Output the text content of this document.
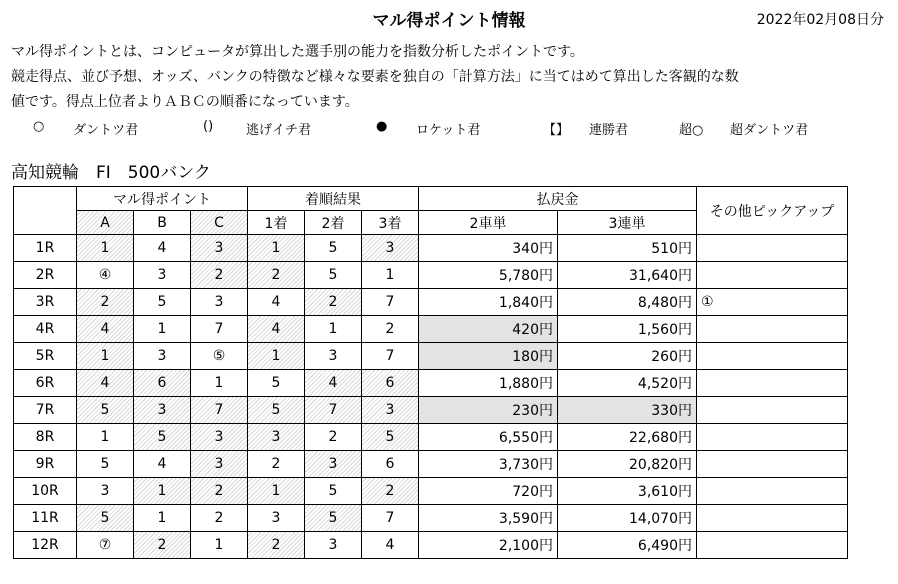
マル得ポイント情報	2022年02月08日分
マル得ポイントとは、コンピュータが算出した選手別の能力を指数分析したポイントです。
競走得点、並び予想、オッズ、バンクの特徴など様々な要素を独自の「計算方法」に当てはめて算出した客観的な数
値です。得点上位者よりＡＢＣの順番になっています。
○ ダントツ君	()	逃げイチ君	● ロケット君	【】 連勝君	超○ 超ダントツ君
高知競輪　FI　500バンク
	マル得ポイント			着順結果			払戻金		その他ピックアップ
	A	B	C	1着	2着	3着	2車単	3連単	
1R	1	4	3	1	5	3	340円	510円	
2R	④	3	2	2	5	1	5,780円	31,640円	
3R	2	5	3	4	2	7	1,840円	8,480円	①
4R	4	1	7	4	1	2	420円	1,560円	
5R	1	3	⑤	1	3	7	180円	260円	
6R	4	6	1	5	4	6	1,880円	4,520円	
7R	5	3	7	5	7	3	230円	330円	
8R	1	5	3	3	2	5	6,550円	22,680円	
9R	5	4	3	2	3	6	3,730円	20,820円	
10R	3	1	2	1	5	2	720円	3,610円	
11R	5	1	2	3	5	7	3,590円	14,070円	
12R	⑦	2	1	2	3	4	2,100円	6,490円	
